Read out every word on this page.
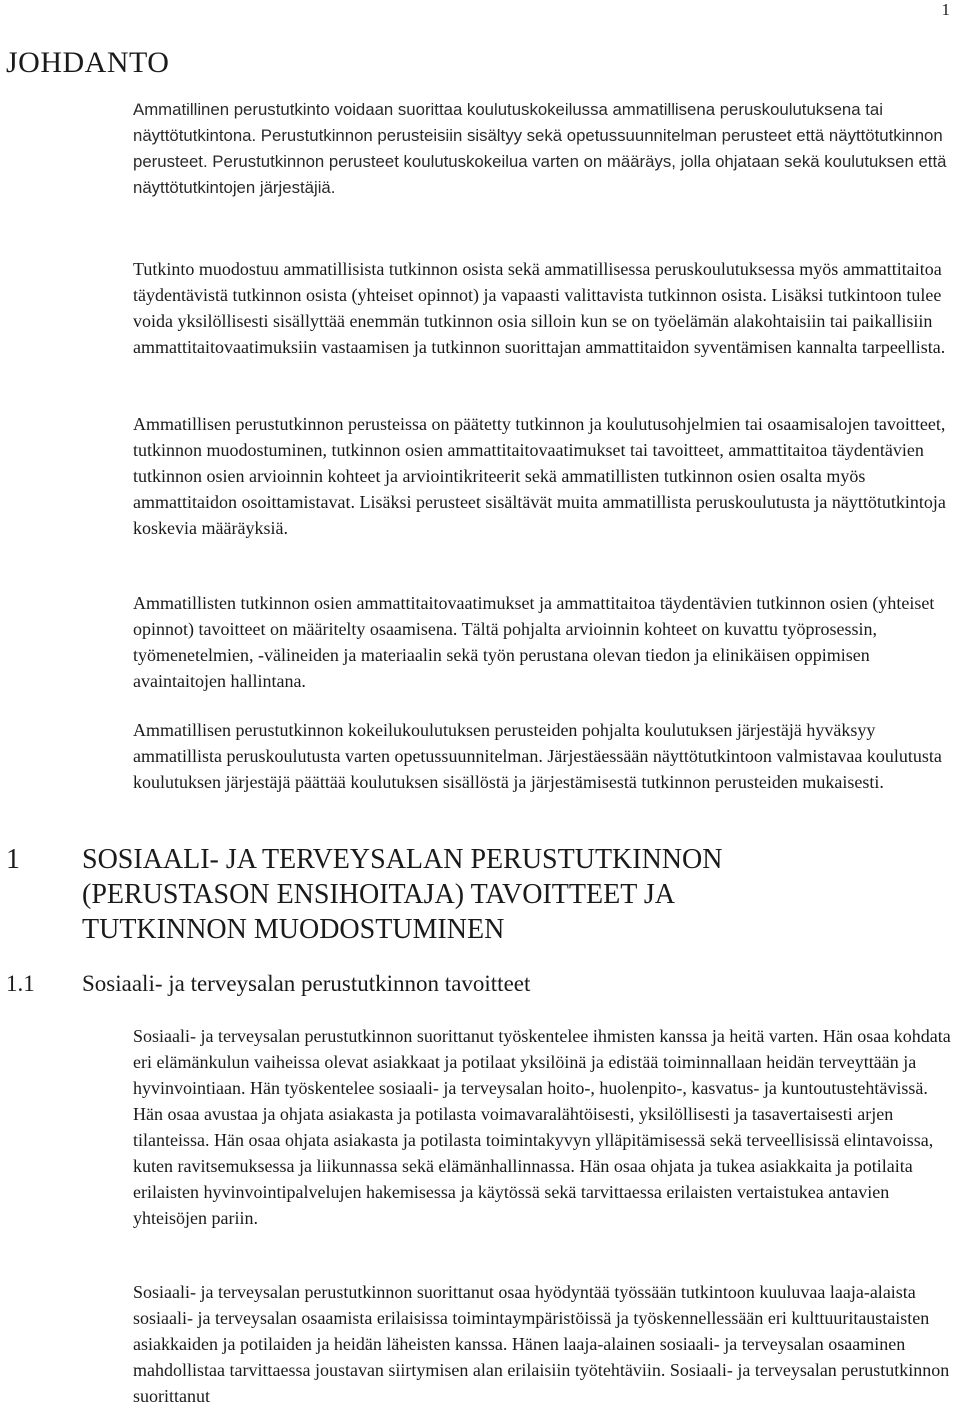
1
JOHDANTO

Ammatillinen perustutkinto voidaan suorittaa koulutuskokeilussa ammatillisena peruskoulutuksena tai näyttötutkintona. Perustutkinnon perusteisiin sisältyy sekä opetussuunnitelman perusteet että näyttötutkinnon perusteet. Perustutkinnon perusteet koulutuskokeilua varten on määräys, jolla ohjataan sekä koulutuksen että näyttötutkintojen järjestäjiä.

Tutkinto muodostuu ammatillisista tutkinnon osista sekä ammatillisessa peruskoulutuksessa myös ammattitaitoa täydentävistä tutkinnon osista (yhteiset opinnot) ja vapaasti valittavista tutkinnon osista. Lisäksi tutkintoon tulee voida yksilöllisesti sisällyttää enemmän tutkinnon osia silloin kun se on työelämän alakohtaisiin tai paikallisiin ammattitaitovaatimuksiin vastaamisen ja tutkinnon suorittajan ammattitaidon syventämisen kannalta tarpeellista.

Ammatillisen perustutkinnon perusteissa on päätetty tutkinnon ja koulutusohjelmien tai osaamisalojen tavoitteet, tutkinnon muodostuminen, tutkinnon osien ammattitaitovaatimukset tai tavoitteet, ammattitaitoa täydentävien tutkinnon osien arvioinnin kohteet ja arviointikriteerit sekä ammatillisten tutkinnon osien osalta myös ammattitaidon osoittamistavat. Lisäksi perusteet sisältävät muita ammatillista peruskoulutusta ja näyttötutkintoja koskevia määräyksiä.

Ammatillisten tutkinnon osien ammattitaitovaatimukset ja ammattitaitoa täydentävien tutkinnon osien (yhteiset opinnot) tavoitteet on määritelty osaamisena. Tältä pohjalta arvioinnin kohteet on kuvattu työprosessin, työmenetelmien, -välineiden ja materiaalin sekä työn perustana olevan tiedon ja elinikäisen oppimisen avaintaitojen hallintana.

Ammatillisen perustutkinnon kokeilukoulutuksen perusteiden pohjalta koulutuksen järjestäjä hyväksyy ammatillista peruskoulutusta varten opetussuunnitelman. Järjestäessään näyttötutkintoon valmistavaa koulutusta koulutuksen järjestäjä päättää koulutuksen sisällöstä ja järjestämisestä tutkinnon perusteiden mukaisesti.

1 SOSIAALI- JA TERVEYSALAN PERUSTUTKINNON (PERUSTASON ENSIHOITAJA) TAVOITTEET JA TUTKINNON MUODOSTUMINEN
1.1 Sosiaali- ja terveysalan perustutkinnon tavoitteet

Sosiaali- ja terveysalan perustutkinnon suorittanut työskentelee ihmisten kanssa ja heitä varten. Hän osaa kohdata eri elämänkulun vaiheissa olevat asiakkaat ja potilaat yksilöinä ja edistää toiminnallaan heidän terveyttään ja hyvinvointiaan. Hän työskentelee sosiaali- ja terveysalan hoito-, huolenpito-, kasvatus- ja kuntoutustehtävissä. Hän osaa avustaa ja ohjata asiakasta ja potilasta voimavaralähtöisesti, yksilöllisesti ja tasavertaisesti arjen tilanteissa. Hän osaa ohjata asiakasta ja potilasta toimintakyvyn ylläpitämisessä sekä terveellisissä elintavoissa, kuten ravitsemuksessa ja liikunnassa sekä elämänhallinnassa. Hän osaa ohjata ja tukea asiakkaita ja potilaita erilaisten hyvinvointipalvelujen hakemisessa ja käytössä sekä tarvittaessa erilaisten vertaistukea antavien yhteisöjen pariin.

Sosiaali- ja terveysalan perustutkinnon suorittanut osaa hyödyntää työssään tutkintoon kuuluvaa laaja-alaista sosiaali- ja terveysalan osaamista erilaisissa toimintaympäristöissä ja työskennellessään eri kulttuuritaustaisten asiakkaiden ja potilaiden ja heidän läheisten kanssa. Hänen laaja-alainen sosiaali- ja terveysalan osaaminen mahdollistaa tarvittaessa joustavan siirtymisen alan erilaisiin työtehtäviin. Sosiaali- ja terveysalan perustutkinnon suorittanut
